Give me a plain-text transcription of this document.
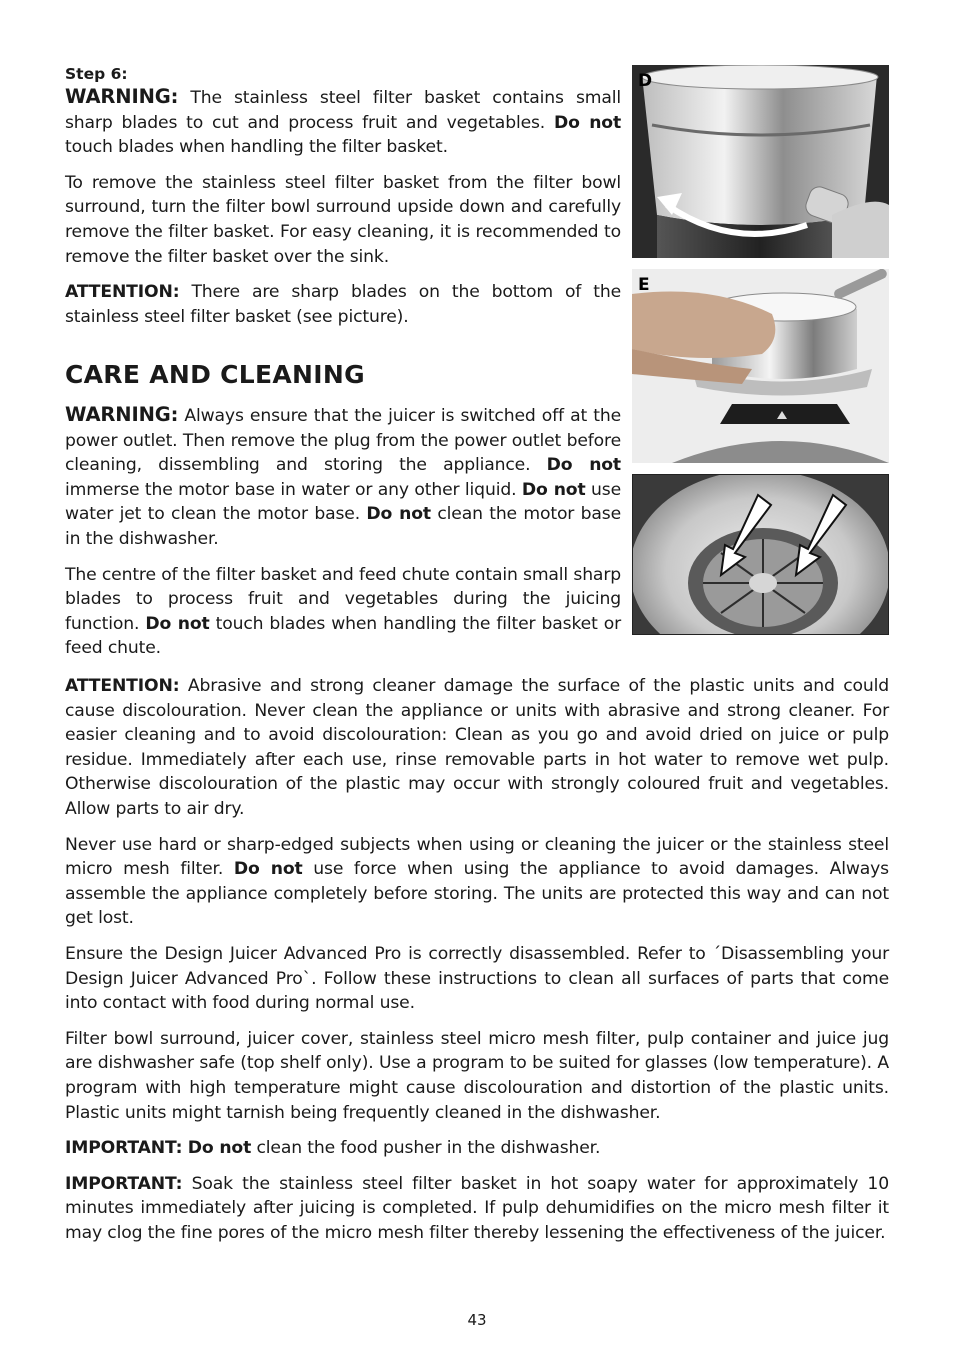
Step 6:

WARNING: The stainless steel filter basket contains small sharp blades to cut and process fruit and vegetables. Do not touch blades when handling the filter basket.

To remove the stainless steel filter basket from the filter bowl surround, turn the filter bowl surround upside down and carefully remove the filter basket. For easy cleaning, it is recommended to remove the filter basket over the sink.

ATTENTION: There are sharp blades on the bottom of the stainless steel filter basket (see picture).

CARE AND CLEANING

WARNING: Always ensure that the juicer is switched off at the power outlet. Then remove the plug from the power outlet before cleaning, dissembling and storing the appliance. Do not immerse the motor base in water or any other liquid. Do not use water jet to clean the motor base. Do not clean the motor base in the dishwasher.

The centre of the filter basket and feed chute contain small sharp blades to process fruit and vegetables during the juicing function. Do not touch blades when handling the filter basket or feed chute.

ATTENTION: Abrasive and strong cleaner damage the surface of the plastic units and could cause discolouration. Never clean the appliance or units with abrasive and strong cleaner. For easier cleaning and to avoid discolouration: Clean as you go and avoid dried on juice or pulp residue. Immediately after each use, rinse removable parts in hot water to remove wet pulp. Otherwise discolouration of the plastic may occur with strongly coloured fruit and vegetables. Allow parts to air dry.

Never use hard or sharp-edged subjects when using or cleaning the juicer or the stainless steel micro mesh filter. Do not use force when using the appliance to avoid damages. Always assemble the appliance completely before storing. The units are protected this way and can not get lost.

Ensure the Design Juicer Advanced Pro is correctly disassembled. Refer to ´Disassembling your Design Juicer Advanced Pro`. Follow these instructions to clean all surfaces of parts that come into contact with food during normal use.

Filter bowl surround, juicer cover, stainless steel micro mesh filter, pulp container and juice jug are dishwasher safe (top shelf only). Use a program to be suited for glasses (low temperature). A program with high temperature might cause discolouration and distortion of the plastic units. Plastic units might tarnish being frequently cleaned in the dishwasher.

IMPORTANT: Do not clean the food pusher in the dishwasher.

IMPORTANT: Soak the stainless steel filter basket in hot soapy water for approximately 10 minutes immediately after juicing is completed. If pulp dehumidifies on the micro mesh filter it may clog the fine pores of the micro mesh filter thereby lessening the effectiveness of the juicer.

D
E
43
